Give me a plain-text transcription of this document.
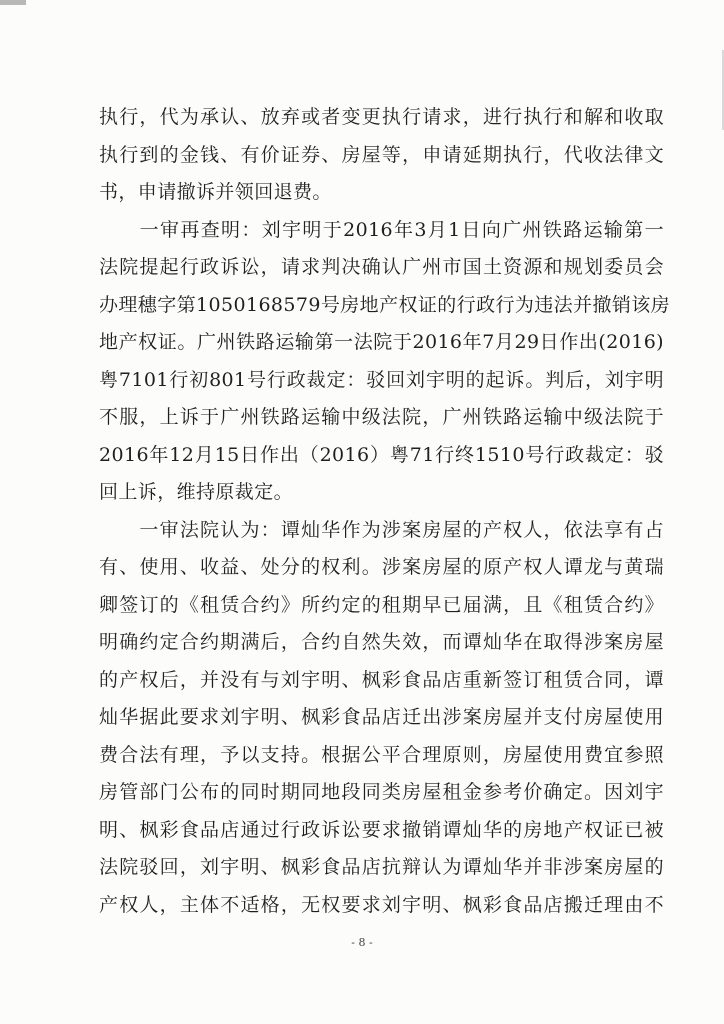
执行，代为承认、放弃或者变更执行请求，进行执行和解和收取
执行到的金钱、有价证券、房屋等，申请延期执行，代收法律文
书，申请撤诉并领回退费。
　　一审再查明：刘宇明于2016年3月1日向广州铁路运输第一
法院提起行政诉讼，请求判决确认广州市国土资源和规划委员会
办理穗字第1050168579号房地产权证的行政行为违法并撤销该房
地产权证。广州铁路运输第一法院于2016年7月29日作出(2016)
粤7101行初801号行政裁定：驳回刘宇明的起诉。判后，刘宇明
不服，上诉于广州铁路运输中级法院，广州铁路运输中级法院于
2016年12月15日作出（2016）粤71行终1510号行政裁定：驳
回上诉，维持原裁定。
　　一审法院认为：谭灿华作为涉案房屋的产权人，依法享有占
有、使用、收益、处分的权利。涉案房屋的原产权人谭龙与黄瑞
卿签订的《租赁合约》所约定的租期早已届满，且《租赁合约》
明确约定合约期满后，合约自然失效，而谭灿华在取得涉案房屋
的产权后，并没有与刘宇明、枫彩食品店重新签订租赁合同，谭
灿华据此要求刘宇明、枫彩食品店迁出涉案房屋并支付房屋使用
费合法有理，予以支持。根据公平合理原则，房屋使用费宜参照
房管部门公布的同时期同地段同类房屋租金参考价确定。因刘宇
明、枫彩食品店通过行政诉讼要求撤销谭灿华的房地产权证已被
法院驳回，刘宇明、枫彩食品店抗辩认为谭灿华并非涉案房屋的
产权人，主体不适格，无权要求刘宇明、枫彩食品店搬迁理由不
- 8 -
